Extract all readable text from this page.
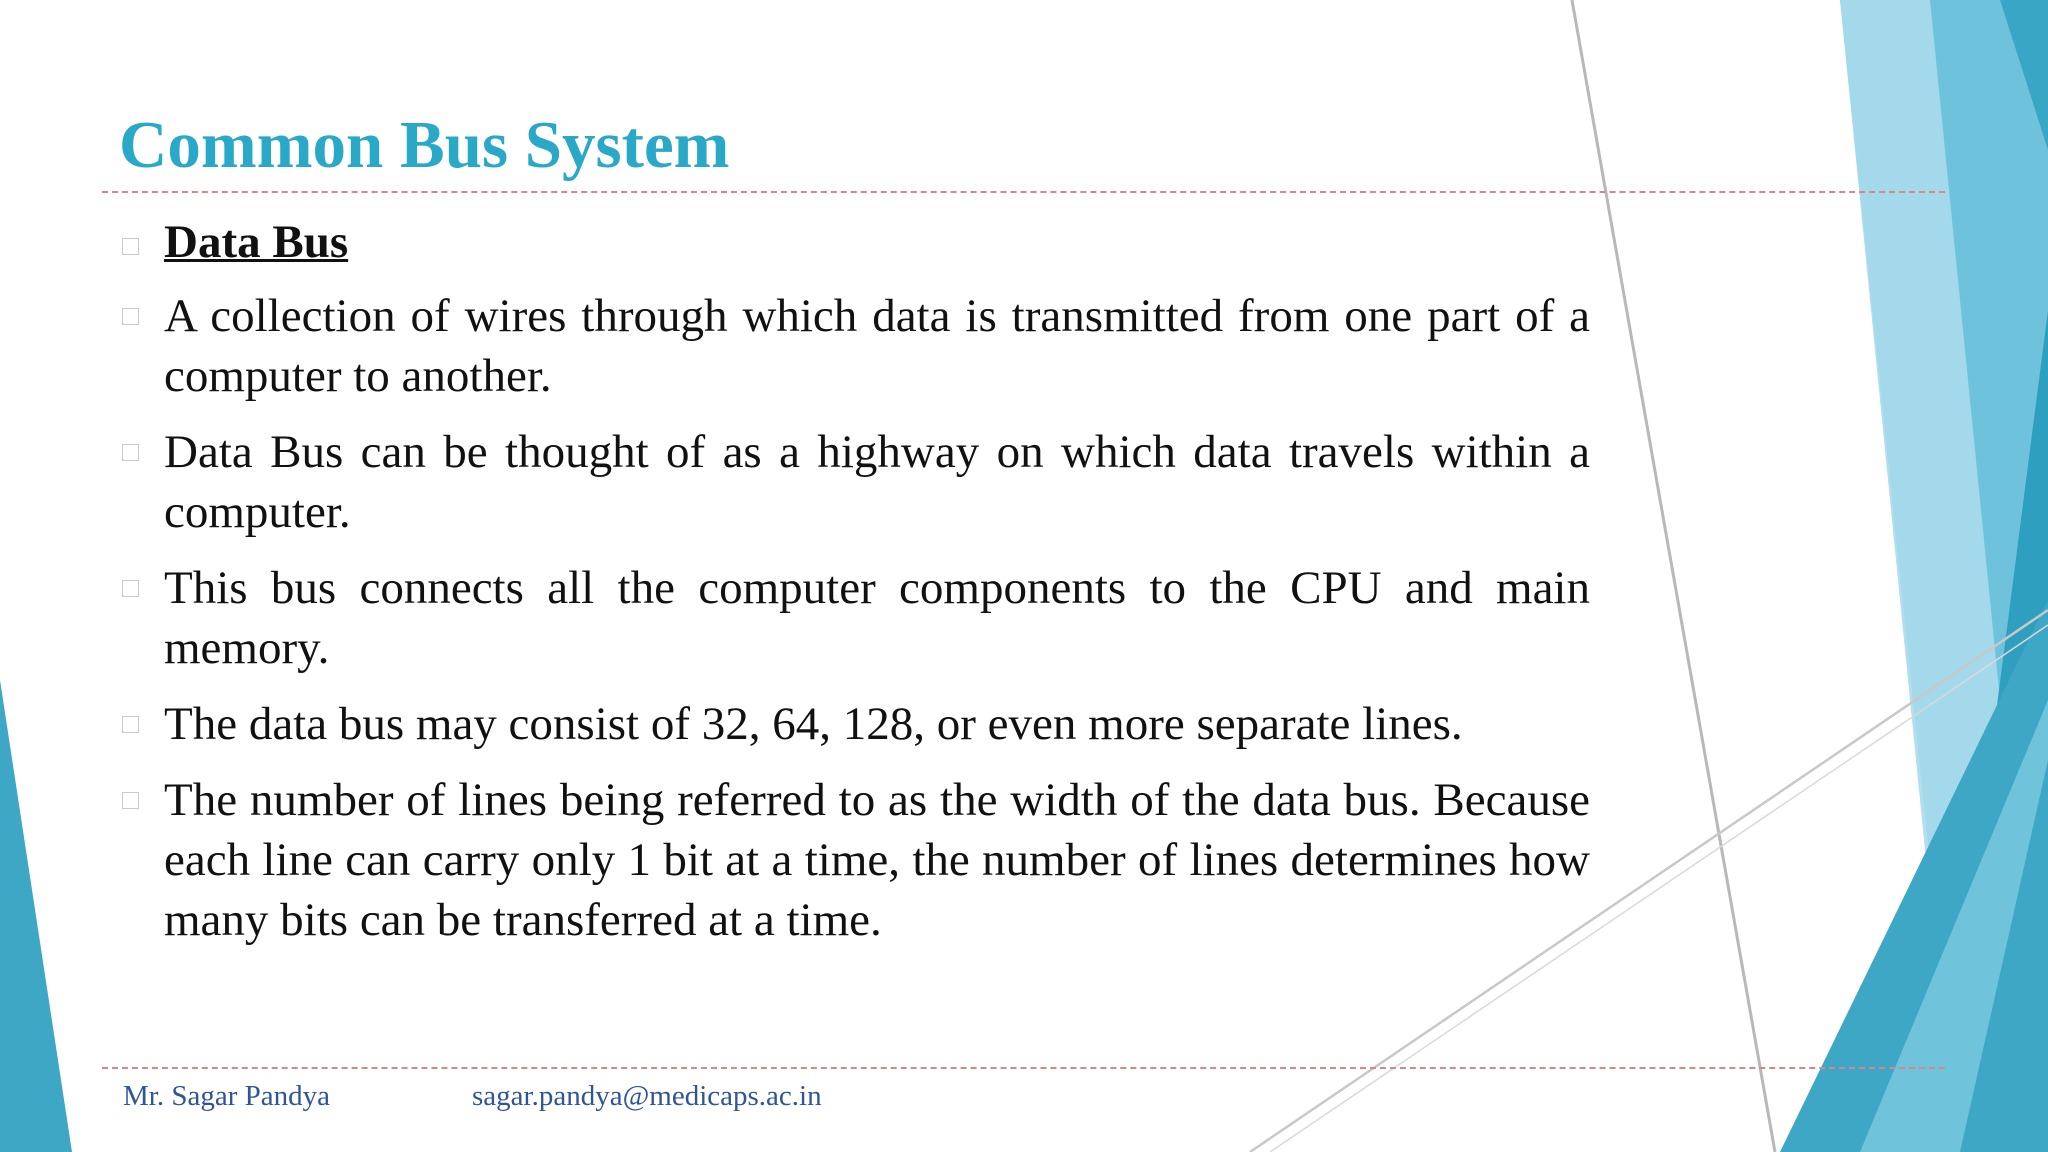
Common Bus System
Data Bus
A collection of wires through which data is transmitted from one part of a computer to another.
Data Bus can be thought of as a highway on which data travels within a computer.
This bus connects all the computer components to the CPU and main memory.
The data bus may consist of 32, 64, 128, or even more separate lines.
The number of lines being referred to as the width of the data bus. Because each line can carry only 1 bit at a time, the number of lines determines how many bits can be transferred at a time.
Mr. Sagar Pandya	sagar.pandya@medicaps.ac.in
